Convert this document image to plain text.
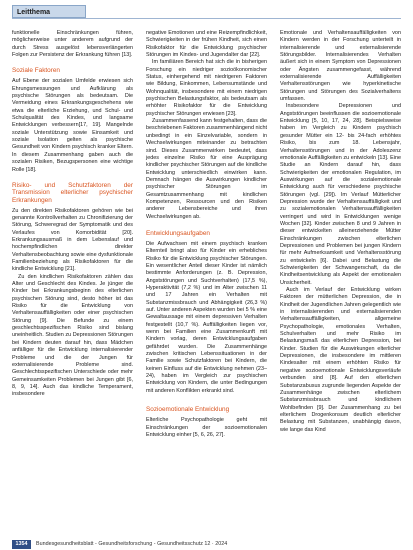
Leitthema

funktionelle Einschränkungen führen, möglicherweise unter anderem aufgrund der durch Stress ausgelöst lebensverlängerten Folgen zur Persistenz der Erkrankung führen [13].

Soziale Faktoren

Auf Ebene der sozialen Umfelde erwiesen sich Ehrungsmessungen und Aufklärung als psychische Störungen als bedeutsam. Die Vermeidung eines Erkrankungsgeschehens wie etwa die elterliche Erziehung, und Schul- und Schulqualität des Kindes, und langsame Entwicklungen verbessern[17, 19]. Mangelnde soziale Unterstützung sowie Einsamkeit und soziale Isolation gelten als psychische Gesundheit von Kindern psychisch kranker Eltern. In diesem Zusammenhang gaben auch die sozialen Risiken, Bezugspersonen eine wichtige Rolle [18].

Risiko- und Schutzfaktoren der Transmission elterlicher psychischer Erkrankungen

Zu den direkten Risikofaktoren gehören wie bei genannte Kontrollverhalten zu Chronifizierung der Störung, Schweregrad der Symptomatik und des Verlaufes von Komorbidität [20]. Erkrankungsausmaß in dem Lebenslauf und hochempfindlichen direkter Verhaltensbeobachtung sowie eine dysfunktionale Familienbeziehung als Risikofaktoren für die kindliche Entwicklung [21].

Zu den kindlichen Risikofaktoren zählen das Alter und Geschlecht des Kindes. Je jünger die Kinder bei Erkrankungsbeginn des elterlichen psychischen Störung sind, desto höher ist das Risiko für die Entwicklung von Verhaltensauffälligkeiten oder einer psychischen Störung [9]. Die Befunde zu einem geschlechtsspezifischen Risiko sind bislang uneinheitlich. Studien zu Depressionen Störungen bei Kindern deuten darauf hin, dass Mädchen anfälliger für die Entwicklung internalisierender Probleme und die der Jungen für externalisierende Probleme sind. Geschlechtsspezifischen Unterschiede oder mehr Gemeinsamkeiten Problemen bei Jungen gibt [6, 8, 9, 14]. Auch das kindliche Temperament, insbesondere

negative Emotionen und eine Reizempfindlichkeit, Schwierigkeiten in der frühen Kindheit, sich einen Risikofaktor für die Entwicklung psychischer Störungen im Kindes- und Jugendalter dar [22].

Im familiären Bereich hat sich die in bisherigen Forschung ein niedriger sozioökonomischer Status, einhergehend mit niedrigeren Faktoren wie Bildung, Einkommen, Lebensumstände und Wohnqualität, insbesondere mit einem niedrigen psychischen Belastungsfaktor, als bedeutsam als erhöhter Risikofaktor für die Entwicklung psychischer Störungen erwiesen [23].

Zusammenfassend kann festgehalten, dass die beschriebenen Faktoren zusammenhängend nicht unbedingt in ein Einzelvariable, sondern in Wechselwirkungen miteinander zu betrachten sind. Dieses Zusammenwirken bedeutet, dass jedes einzelne Risiko für eine Ausprägung kindlicher psychischer Störungen auf die kindliche Entwicklung unterschiedlich einwirken kann. Demnach hängen die Auswirkungen kindlicher psychischer Störungen im Gesamtzusammenhang mit kindlichen Kompetenzen, Ressourcen und den Risiken anderer Lebensbereiche und ihren Wechselwirkungen ab.

Entwicklungsaufgaben

Die Aufwachsen mit einem psychisch kranken Elternteil bringt also für Kinder ein erhebliches Risiko für die Entwicklung psychischer Störungen. Ein wesentlicher Anteil dieser Kinder ist nämlich bestimmte Anforderungen (z. B. Depression, Angststörungen und Suchtverhalten) (17,5 %), Hyperaktivität (7,2 %) und im Alter zwischen 11 und 17 Jahren ein Verhalten mit Substanzmissbrauch und Abhängigkeit (26,3 %) auf. Unter anderen Aspekten wurden bei 5 % eine Gewaltaussage mit einem depressiven Verhalten festgestellt (10,7 %). Auffälligkeiten liegen vor, wenn bei Familien eine Zusammenkunft mit Kindern vorlag, deren Entwicklungsaufgaben gefährdet wurden. Die Zusammenhänge zwischen kritischen Lebenssituationen in der Familie sowie Schutzfaktoren bei Kindern, die keinen Einfluss auf die Entwicklung nehmen (23–24), haben im Vergleich zur psychischen Entwicklung von Kindern, die unter Bedingungen mit anderen Konflikten erkrankt sind.

Sozioemotionale Entwicklung

Elterliche Psychopathologie geht mit Einschränkungen der sozioemotionalen Entwicklung einher [5, 6, 26, 27].

Emotionale und Verhaltensauffälligkeiten von Kindern werden in der Forschung unterteilt in internalisierende und externalisierende Störungsbilder. Internalisierendes Verhalten äußert sich in einem Symptom von Depressionen oder Ängsten zusammengefasst, während externalisierende Auffälligkeiten Verhaltensstörungen wie hyperkinetische Störungen und Störungen des Sozialverhaltens umfassen.

Insbesondere Depressionen und Angststörungen beeinflussen die sozioemotionale Entwicklung [5, 10, 17, 24, 28]. Beispielsweise haben im Vergleich zu Kindern psychisch gesunder Mütter ein 12- bis 24-fach erhöhtes Risiko, bis zum 18. Lebensjahr, Verhaltensstörungen und in der Adoleszenz emotionale Auffälligkeiten zu entwickeln [13]. Eine Studie an Kindern darauf hin, dass Schwierigkeiten der emotionalen Regulation, im Auswirkungen auf die sozialemotionale Entwicklung auch für verschiedene psychische Störungen (vgl. [29]). Im Verlauf Mütterlicher Depression wurde der Verhaltensauffälligkeit und zu sozialemotionalen Verhaltensauffälligkeiten verringert und wird in Entwicklungen wenige Wochen [32]. Kinder zwischen 8 und 9 Jahren in dieser entwickelten alleinerziehende Mütter Einschränkungen zwischen elterlichen Depressionen und Problemen bei jungen Kindern für mehr Aufmerksamkeit und Verhaltensstörung zu entwickeln [6]. Dabei und Belastung die Schwierigkeiten der Schwangerschaft, da die Kindheitsentwicklung als Aspekt der emotionalen Unsicherheit.

Auch im Verlauf der Entwicklung wirken Faktoren der mütterlichen Depression, die in Kindheit der Jugendlichen Jahren gelegentlich wie in internalisierenden und externalisierenden Verhaltensauffälligkeiten, allgemeine Psychopathologie, emotionales Verhalten, Schulverhalten und mehr Risiko im Belastungsmaß das elterlichen Depression, bei Kinder. Studien für die Auswirkungen elterlicher Depressionen, die insbesondere im mittleren Kindesalter mit einem erhöhten Risiko für negative sozioemotionale Entwicklungsverläufe verbunden sind [8]. Auf den elterlichen Substanzabusus zugrunde liegenden Aspekte der Zusammenhänge zwischen elterlichem Substanzmissbrauch und kindlichem Wohlbefinden [9]. Der Zusammenhang zu bei elterlichem Drogenkonsum deutlich elterlicher Belastung mit Substanzen, unabhängig davon, wie lange das Kind

1354	Bundesgesundheitsblatt - Gesundheitsforschung - Gesundheitsschutz 12 · 2024
